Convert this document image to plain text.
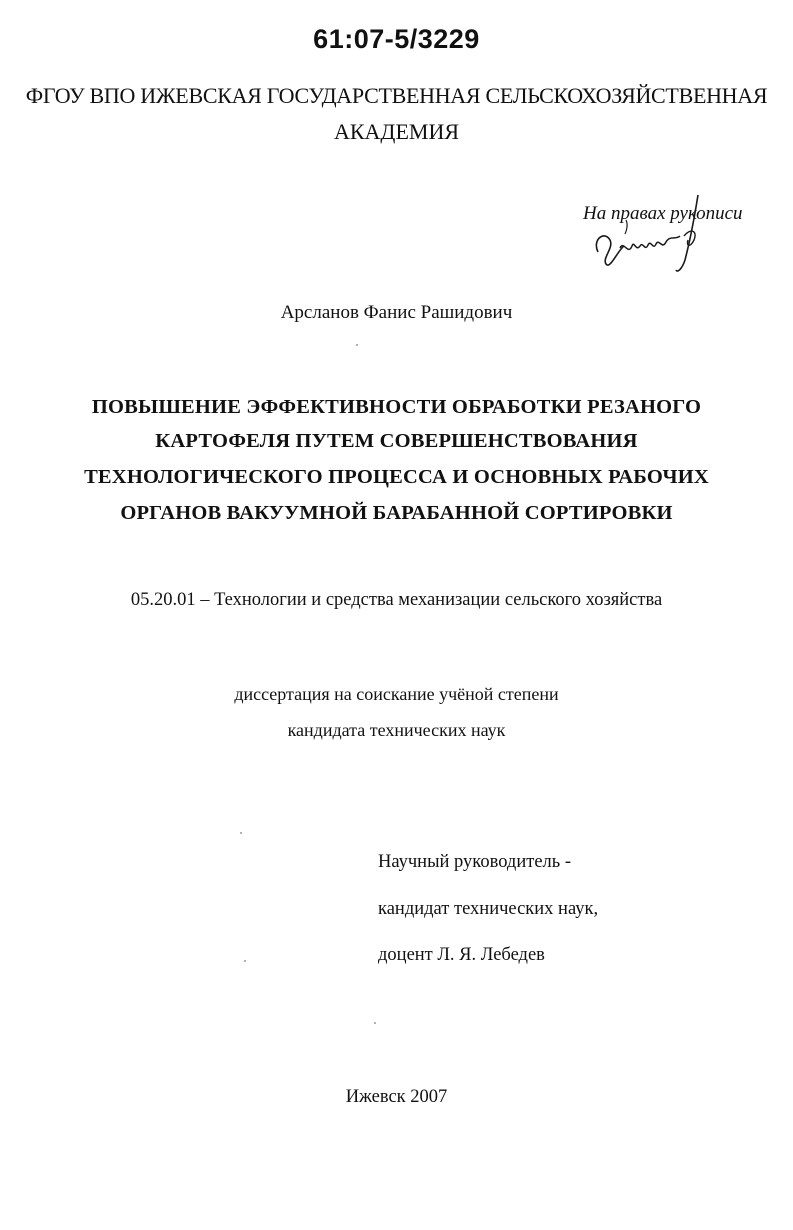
61:07-5/3229
ФГОУ ВПО ИЖЕВСКАЯ ГОСУДАРСТВЕННАЯ СЕЛЬСКОХОЗЯЙСТВЕННАЯ
АКАДЕМИЯ
На правах рукописи
Арсланов Фанис Рашидович
ПОВЫШЕНИЕ ЭФФЕКТИВНОСТИ ОБРАБОТКИ РЕЗАНОГО
КАРТОФЕЛЯ ПУТЕМ СОВЕРШЕНСТВОВАНИЯ
ТЕХНОЛОГИЧЕСКОГО ПРОЦЕССА И ОСНОВНЫХ РАБОЧИХ
ОРГАНОВ ВАКУУМНОЙ БАРАБАННОЙ СОРТИРОВКИ
05.20.01 – Технологии и средства механизации сельского хозяйства
диссертация на соискание учёной степени
кандидата технических наук
Научный руководитель -
кандидат технических наук,
доцент Л. Я. Лебедев
Ижевск 2007
